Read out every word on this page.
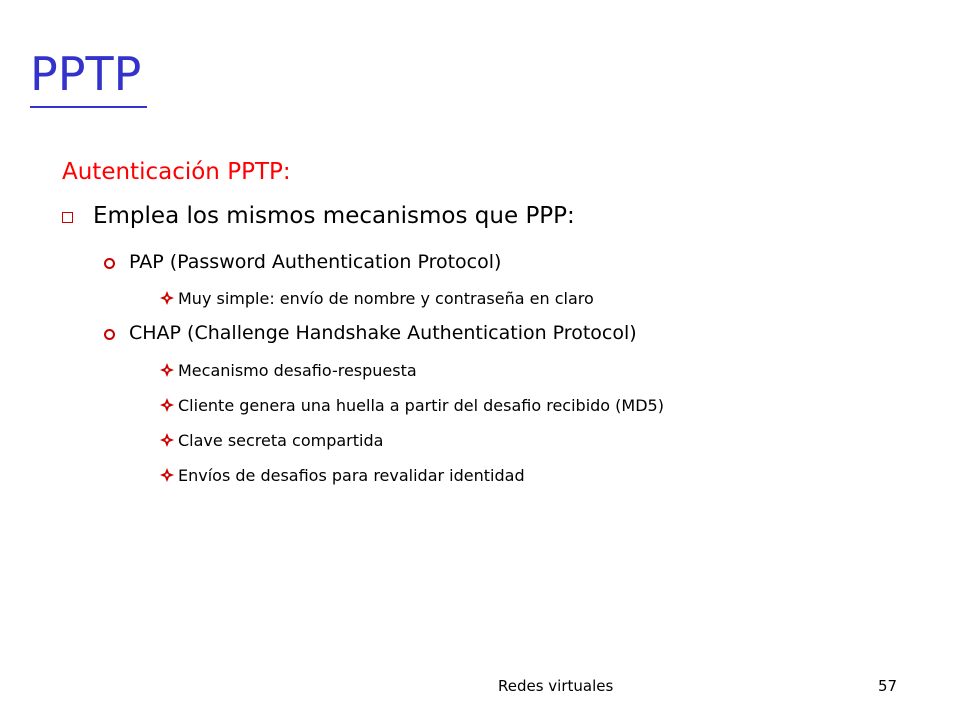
PPTP
Autenticación PPTP:
Emplea los mismos mecanismos que PPP:
PAP (Password Authentication Protocol)
Muy simple: envío de nombre y contraseña en claro
CHAP (Challenge Handshake Authentication Protocol)
Mecanismo desafio-respuesta
Cliente genera una huella a partir del desafio recibido (MD5)
Clave secreta compartida
Envíos de desafios para revalidar identidad
Redes virtuales	57
